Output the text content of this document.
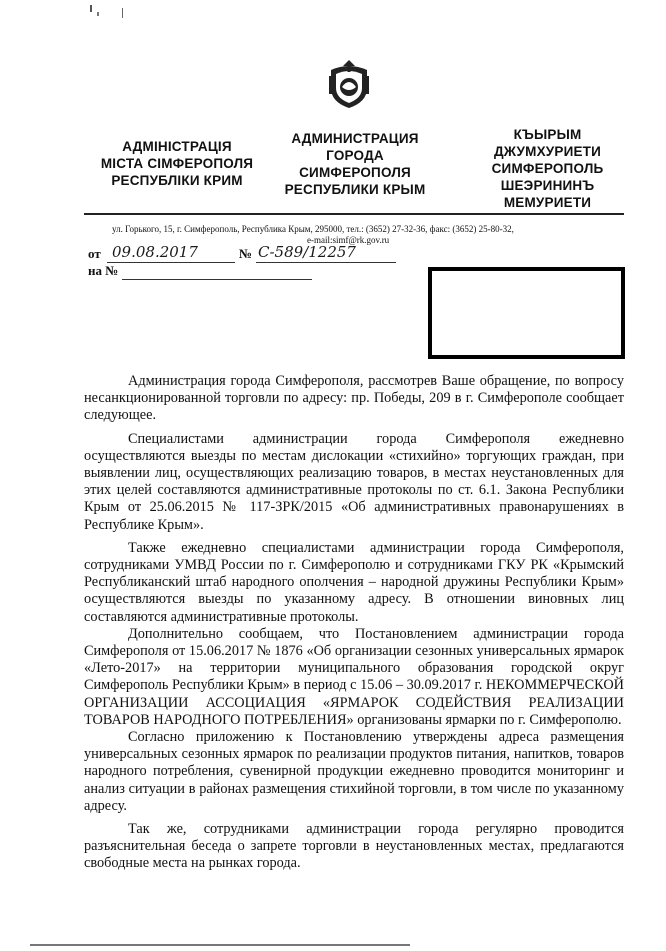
АДМІНІСТРАЦІЯ
МІСТА СІМФЕРОПОЛЯ
РЕСПУБЛІКИ КРИМ
АДМИНИСТРАЦИЯ
ГОРОДА
СИМФЕРОПОЛЯ
РЕСПУБЛИКИ КРЫМ
КЪЫРЫМ
ДЖУМХУРИЕТИ
СИМФЕРОПОЛЬ
ШЕЭРИНИНЪ
МЕМУРИЕТИ
ул. Горького, 15, г. Симферополь, Республика Крым, 295000, тел.: (3652) 27-32-36, факс: (3652) 25-80-32,
e-mail:simf@rk.gov.ru
от 09.08.2017	№ С-589/12257
на №

Администрация города Симферополя, рассмотрев Ваше обращение, по вопросу несанкционированной торговли по адресу: пр. Победы, 209 в г. Симферополе сообщает следующее.

Специалистами администрации города Симферополя ежедневно осуществляются выезды по местам дислокации «стихийно» торгующих граждан, при выявлении лиц, осуществляющих реализацию товаров, в местах неустановленных для этих целей составляются административные протоколы по ст. 6.1. Закона Республики Крым от 25.06.2015 № 117-ЗРК/2015 «Об административных правонарушениях в Республике Крым».

Также ежедневно специалистами администрации города Симферополя, сотрудниками УМВД России по г. Симферополю и сотрудниками ГКУ РК «Крымский Республиканский штаб народного ополчения – народной дружины Республики Крым» осуществляются выезды по указанному адресу. В отношении виновных лиц составляются административные протоколы.

Дополнительно сообщаем, что Постановлением администрации города Симферополя от 15.06.2017 № 1876 «Об организации сезонных универсальных ярмарок «Лето-2017» на территории муниципального образования городской округ Симферополь Республики Крым» в период с 15.06 – 30.09.2017 г. НЕКОММЕРЧЕСКОЙ ОРГАНИЗАЦИИ АССОЦИАЦИЯ «ЯРМАРОК СОДЕЙСТВИЯ РЕАЛИЗАЦИИ ТОВАРОВ НАРОДНОГО ПОТРЕБЛЕНИЯ» организованы ярмарки по г. Симферополю.

Согласно приложению к Постановлению утверждены адреса размещения универсальных сезонных ярмарок по реализации продуктов питания, напитков, товаров народного потребления, сувенирной продукции ежедневно проводится мониторинг и анализ ситуации в районах размещения стихийной торговли, в том числе по указанному адресу.

Так же, сотрудниками администрации города регулярно проводится разъяснительная беседа о запрете торговли в неустановленных местах, предлагаются свободные места на рынках города.
